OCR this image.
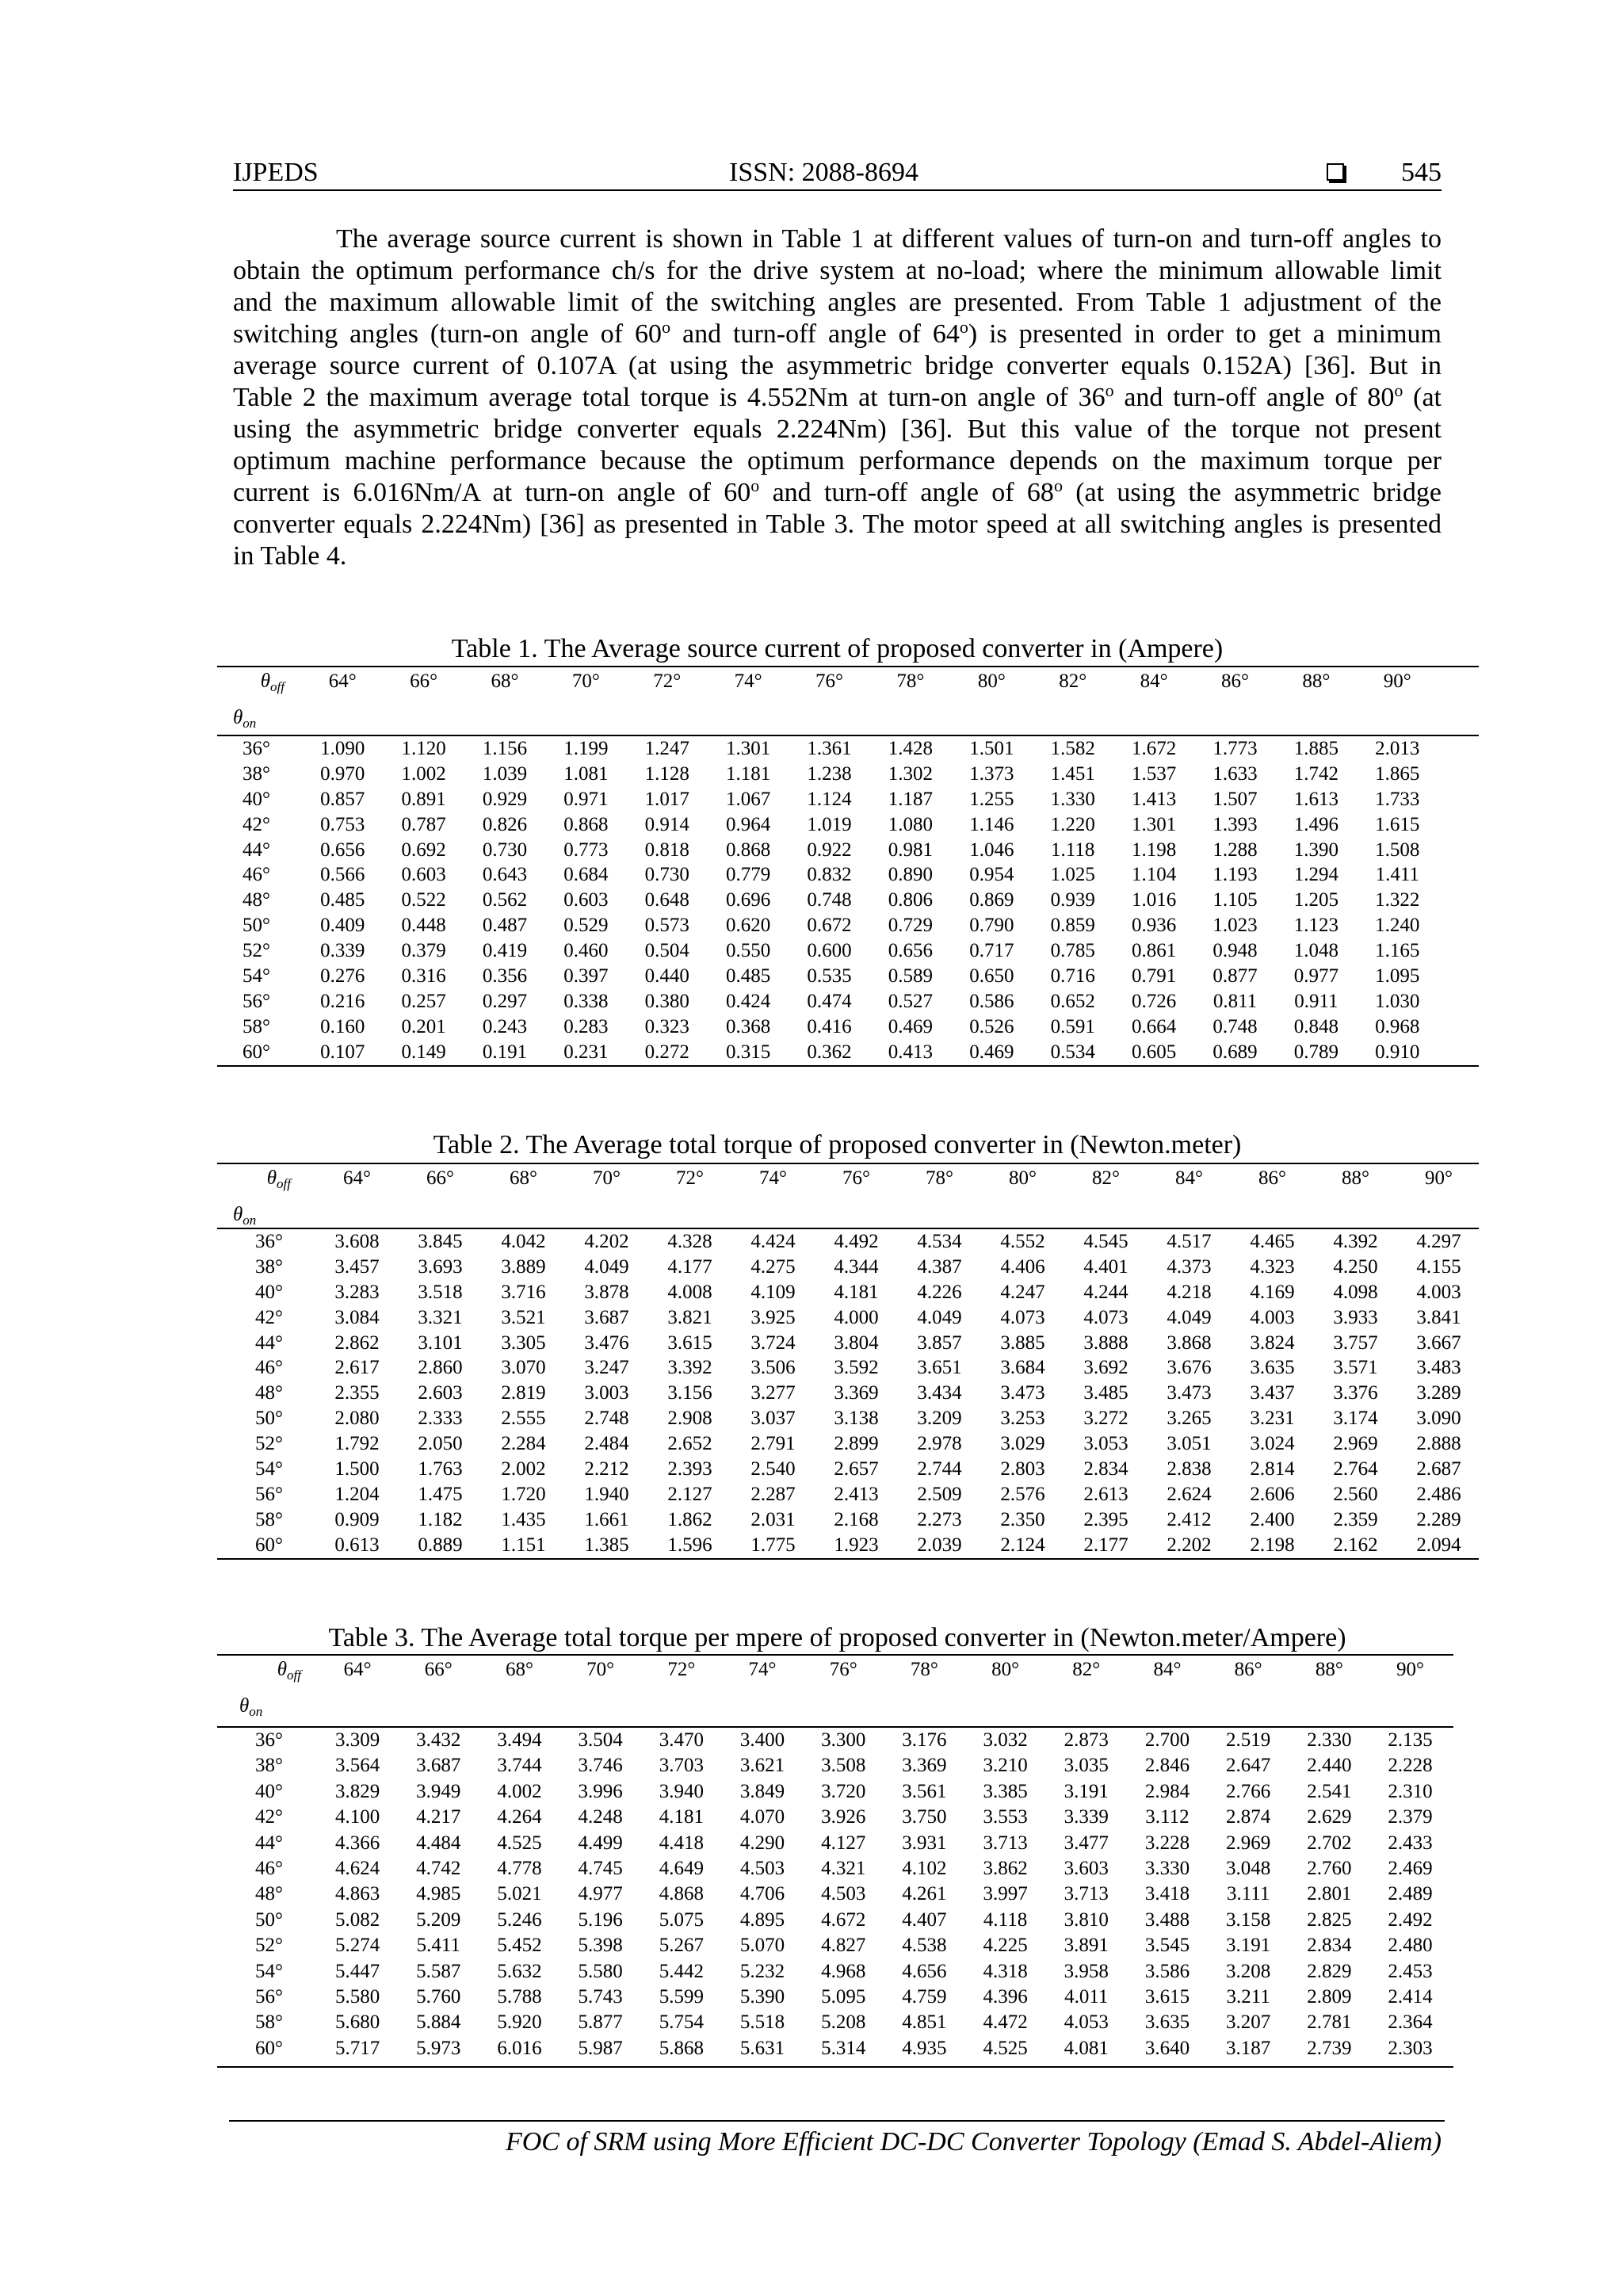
IJPEDS	ISSN: 2088-8694	545
The average source current is shown in Table 1 at different values of turn-on and turn-off angles to
obtain the optimum performance ch/s for the drive system at no-load; where the minimum allowable limit
and the maximum allowable limit of the switching angles are presented. From Table 1 adjustment of the
switching angles (turn-on angle of 60$^o$ and turn-off angle of 64$^o$) is presented in order to get a minimum
average source current of 0.107A (at using the asymmetric bridge converter equals 0.152A) [36]. But in
Table 2 the maximum average total torque is 4.552Nm at turn-on angle of 36$^o$ and turn-off angle of 80$^o$ (at
using the asymmetric bridge converter equals 2.224Nm) [36]. But this value of the torque not present
optimum machine performance because the optimum performance depends on the maximum torque per
current is 6.016Nm/A at turn-on angle of 60$^o$ and turn-off angle of 68$^o$ (at using the asymmetric bridge
converter equals 2.224Nm) [36] as presented in Table 3. The motor speed at all switching angles is presented
in Table 4.
FOC of SRM using More Efficient DC-DC Converter Topology (Emad S. Abdel-Aliem)
Table 1. The Average source current of proposed converter in (Ampere)
$\theta_{off}$	64°	66°	68°	70°	72°	74°	76°	78°	80°	82°	84°	86°	88°	90°
$\theta_{on}$
36°	1.090	1.120	1.156	1.199	1.247	1.301	1.361	1.428	1.501	1.582	1.672	1.773	1.885	2.013
38°	0.970	1.002	1.039	1.081	1.128	1.181	1.238	1.302	1.373	1.451	1.537	1.633	1.742	1.865
40°	0.857	0.891	0.929	0.971	1.017	1.067	1.124	1.187	1.255	1.330	1.413	1.507	1.613	1.733
42°	0.753	0.787	0.826	0.868	0.914	0.964	1.019	1.080	1.146	1.220	1.301	1.393	1.496	1.615
44°	0.656	0.692	0.730	0.773	0.818	0.868	0.922	0.981	1.046	1.118	1.198	1.288	1.390	1.508
46°	0.566	0.603	0.643	0.684	0.730	0.779	0.832	0.890	0.954	1.025	1.104	1.193	1.294	1.411
48°	0.485	0.522	0.562	0.603	0.648	0.696	0.748	0.806	0.869	0.939	1.016	1.105	1.205	1.322
50°	0.409	0.448	0.487	0.529	0.573	0.620	0.672	0.729	0.790	0.859	0.936	1.023	1.123	1.240
52°	0.339	0.379	0.419	0.460	0.504	0.550	0.600	0.656	0.717	0.785	0.861	0.948	1.048	1.165
54°	0.276	0.316	0.356	0.397	0.440	0.485	0.535	0.589	0.650	0.716	0.791	0.877	0.977	1.095
56°	0.216	0.257	0.297	0.338	0.380	0.424	0.474	0.527	0.586	0.652	0.726	0.811	0.911	1.030
58°	0.160	0.201	0.243	0.283	0.323	0.368	0.416	0.469	0.526	0.591	0.664	0.748	0.848	0.968
60°	0.107	0.149	0.191	0.231	0.272	0.315	0.362	0.413	0.469	0.534	0.605	0.689	0.789	0.910
Table 2. The Average total torque of proposed converter in (Newton.meter)
$\theta_{off}$	64°	66°	68°	70°	72°	74°	76°	78°	80°	82°	84°	86°	88°	90°
$\theta_{on}$
36°	3.608	3.845	4.042	4.202	4.328	4.424	4.492	4.534	4.552	4.545	4.517	4.465	4.392	4.297
38°	3.457	3.693	3.889	4.049	4.177	4.275	4.344	4.387	4.406	4.401	4.373	4.323	4.250	4.155
40°	3.283	3.518	3.716	3.878	4.008	4.109	4.181	4.226	4.247	4.244	4.218	4.169	4.098	4.003
42°	3.084	3.321	3.521	3.687	3.821	3.925	4.000	4.049	4.073	4.073	4.049	4.003	3.933	3.841
44°	2.862	3.101	3.305	3.476	3.615	3.724	3.804	3.857	3.885	3.888	3.868	3.824	3.757	3.667
46°	2.617	2.860	3.070	3.247	3.392	3.506	3.592	3.651	3.684	3.692	3.676	3.635	3.571	3.483
48°	2.355	2.603	2.819	3.003	3.156	3.277	3.369	3.434	3.473	3.485	3.473	3.437	3.376	3.289
50°	2.080	2.333	2.555	2.748	2.908	3.037	3.138	3.209	3.253	3.272	3.265	3.231	3.174	3.090
52°	1.792	2.050	2.284	2.484	2.652	2.791	2.899	2.978	3.029	3.053	3.051	3.024	2.969	2.888
54°	1.500	1.763	2.002	2.212	2.393	2.540	2.657	2.744	2.803	2.834	2.838	2.814	2.764	2.687
56°	1.204	1.475	1.720	1.940	2.127	2.287	2.413	2.509	2.576	2.613	2.624	2.606	2.560	2.486
58°	0.909	1.182	1.435	1.661	1.862	2.031	2.168	2.273	2.350	2.395	2.412	2.400	2.359	2.289
60°	0.613	0.889	1.151	1.385	1.596	1.775	1.923	2.039	2.124	2.177	2.202	2.198	2.162	2.094
Table 3. The Average total torque per mpere of proposed converter in (Newton.meter/Ampere)
$\theta_{off}$	64°	66°	68°	70°	72°	74°	76°	78°	80°	82°	84°	86°	88°	90°
$\theta_{on}$
36°	3.309	3.432	3.494	3.504	3.470	3.400	3.300	3.176	3.032	2.873	2.700	2.519	2.330	2.135
38°	3.564	3.687	3.744	3.746	3.703	3.621	3.508	3.369	3.210	3.035	2.846	2.647	2.440	2.228
40°	3.829	3.949	4.002	3.996	3.940	3.849	3.720	3.561	3.385	3.191	2.984	2.766	2.541	2.310
42°	4.100	4.217	4.264	4.248	4.181	4.070	3.926	3.750	3.553	3.339	3.112	2.874	2.629	2.379
44°	4.366	4.484	4.525	4.499	4.418	4.290	4.127	3.931	3.713	3.477	3.228	2.969	2.702	2.433
46°	4.624	4.742	4.778	4.745	4.649	4.503	4.321	4.102	3.862	3.603	3.330	3.048	2.760	2.469
48°	4.863	4.985	5.021	4.977	4.868	4.706	4.503	4.261	3.997	3.713	3.418	3.111	2.801	2.489
50°	5.082	5.209	5.246	5.196	5.075	4.895	4.672	4.407	4.118	3.810	3.488	3.158	2.825	2.492
52°	5.274	5.411	5.452	5.398	5.267	5.070	4.827	4.538	4.225	3.891	3.545	3.191	2.834	2.480
54°	5.447	5.587	5.632	5.580	5.442	5.232	4.968	4.656	4.318	3.958	3.586	3.208	2.829	2.453
56°	5.580	5.760	5.788	5.743	5.599	5.390	5.095	4.759	4.396	4.011	3.615	3.211	2.809	2.414
58°	5.680	5.884	5.920	5.877	5.754	5.518	5.208	4.851	4.472	4.053	3.635	3.207	2.781	2.364
60°	5.717	5.973	6.016	5.987	5.868	5.631	5.314	4.935	4.525	4.081	3.640	3.187	2.739	2.303
